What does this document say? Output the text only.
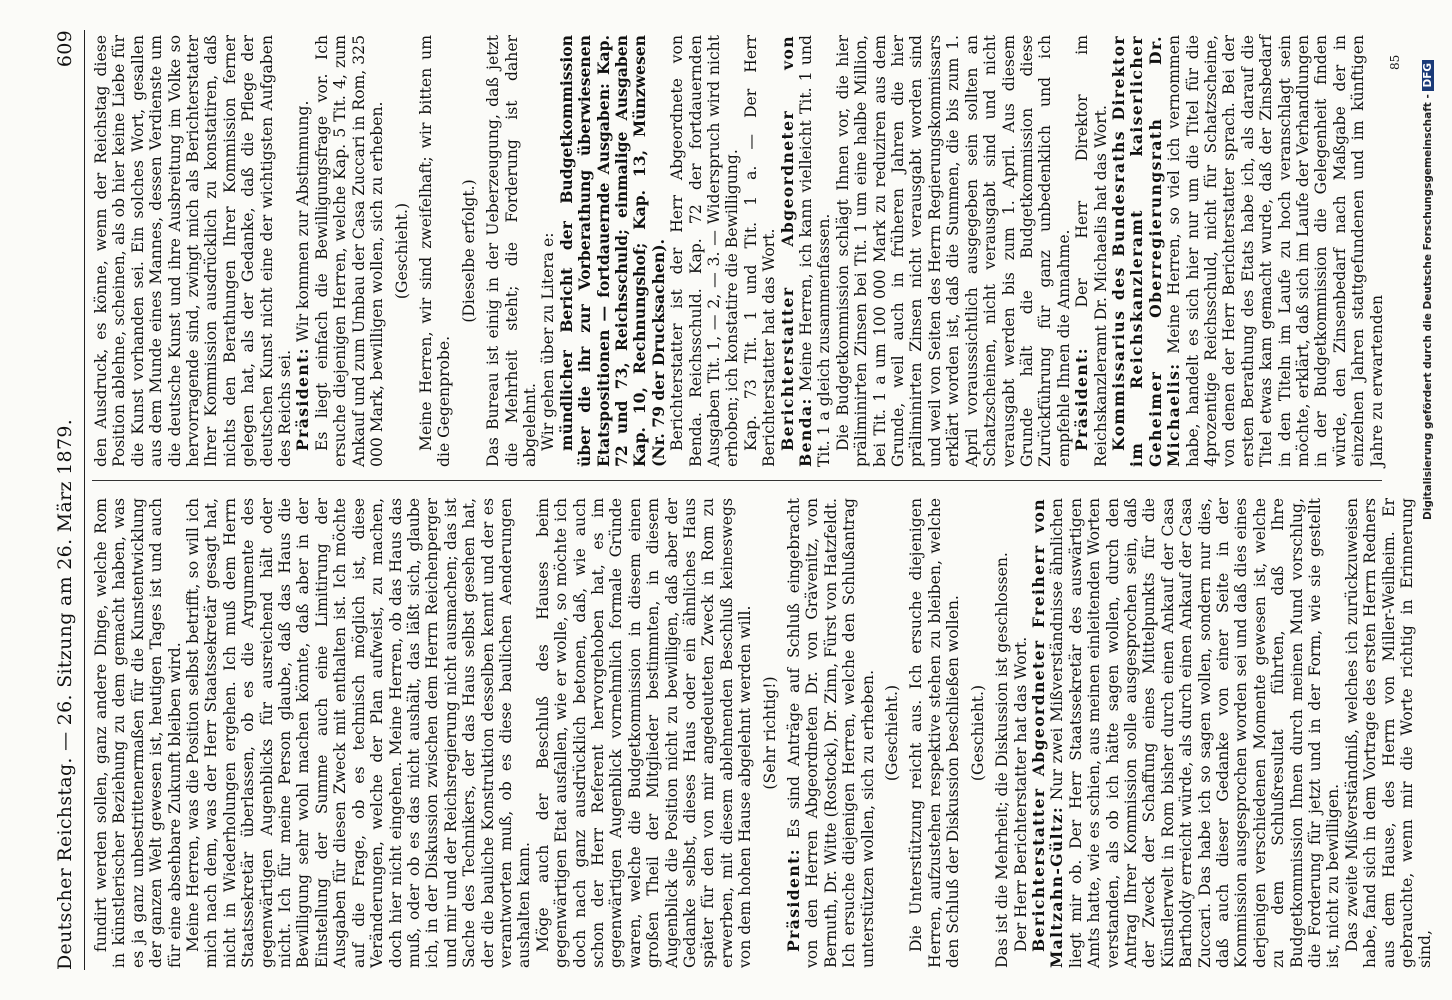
Deutscher Reichstag. — 26. Sitzung am 26. März 1879.
609

fundirt werden sollen, ganz andere Dinge, welche Rom in künstlerischer Beziehung zu dem gemacht haben, was es ja ganz unbestrittenermaßen für die Kunstentwicklung der ganzen Welt gewesen ist, heutigen Tages ist und auch für eine absehbare Zukunft bleiben wird. Meine Herren, was die Position selbst betrifft, so will ich mich nach dem, was der Herr Staatssekretär gesagt hat, nicht in Wiederholungen ergehen. Ich muß dem Herrn Staatssekretär überlassen, ob es die Argumente des gegenwärtigen Augenblicks für ausreichend hält oder nicht. Ich für meine Person glaube, daß das Haus die Bewilligung sehr wohl machen könnte, daß aber in der Einstellung der Summe auch eine Limitirung der Ausgaben für diesen Zweck mit enthalten ist. Ich möchte auf die Frage, ob es technisch möglich ist, diese Veränderungen, welche der Plan aufweist, zu machen, doch hier nicht eingehen. Meine Herren, ob das Haus das muß, oder ob es das nicht aushält, das läßt sich, glaube ich, in der Diskussion zwischen dem Herrn Reichenperger und mir und der Reichsregierung nicht ausmachen; das ist Sache des Technikers, der das Haus selbst gesehen hat, der die bauliche Konstruktion desselben kennt und der es verantworten muß, ob es diese baulichen Aenderungen aushalten kann. Möge auch der Beschluß des Hauses beim gegenwärtigen Etat ausfallen, wie er wolle, so möchte ich doch nach ganz ausdrücklich betonen, daß, wie auch schon der Herr Referent hervorgehoben hat, es im gegenwärtigen Augenblick vornehmlich formale Gründe waren, welche die Budgetkommission in diesem einen großen Theil der Mitglieder bestimmten, in diesem Augenblick die Position nicht zu bewilligen, daß aber der Gedanke selbst, dieses Haus oder ein ähnliches Haus später für den von mir angedeuteten Zweck in Rom zu erwerben, mit diesem ablehnenden Beschluß keineswegs von dem hohen Hause abgelehnt werden will. (Sehr richtig!)

Präsident: Es sind Anträge auf Schluß eingebracht von den Herren Abgeordneten Dr. von Grävenitz, von Bernuth, Dr. Witte (Rostock), Dr. Zinn, Fürst von Hatzfeldt. Ich ersuche diejenigen Herren, welche den Schlußantrag unterstützen wollen, sich zu erheben. (Geschieht.) Die Unterstützung reicht aus. Ich ersuche diejenigen Herren, aufzustehen respektive stehen zu bleiben, welche den Schluß der Diskussion beschließen wollen. (Geschieht.) Das ist die Mehrheit; die Diskussion ist geschlossen. Der Herr Berichterstatter hat das Wort. Berichterstatter Abgeordneter Freiherr von Maltzahn-Gültz: Nur zwei Mißverständnisse ähnlichen liegt mir ob. Der Herr Staatssekretär des auswärtigen Amts hatte, wie es schien, aus meinen einleitenden Worten verstanden, als ob ich hätte sagen wollen, durch den Antrag Ihrer Kommission solle ausgesprochen sein, daß der Zweck der Schaffung eines Mittelpunkts für die Künstlerwelt in Rom bisher durch einen Ankauf der Casa Bartholdy erreicht würde, als durch einen Ankauf der Casa Zuccari. Das habe ich so sagen wollen, sondern nur dies, daß auch dieser Gedanke von einer Seite in der Kommission ausgesprochen worden sei und daß dies eines derjenigen verschiedenen Momente gewesen ist, welche zu dem Schlußresultat führten, daß Ihre Budgetkommission Ihnen durch meinen Mund vorschlug, die Forderung für jetzt und in der Form, wie sie gestellt ist, nicht zu bewilligen. Das zweite Mißverständniß, welches ich zurückzuweisen habe, fand sich in dem Vortrage des ersten Herrn Redners aus dem Hause, des Herrn von Miller-Weilheim. Er gebrauchte, wenn mir die Worte richtig in Erinnerung sind,

den Ausdruck, es könne, wenn der Reichstag diese Position ablehne, scheinen, als ob hier keine Liebe für die Kunst vorhanden sei. Ein solches Wort, gesallen aus dem Munde eines Mannes, dessen Verdienste um die deutsche Kunst und ihre Ausbreitung im Volke so hervorragende sind, zwingt mich als Berichterstatter Ihrer Kommission ausdrücklich zu konstatiren, daß nichts den Berathungen Ihrer Kommission ferner gelegen hat, als der Gedanke, daß die Pflege der deutschen Kunst nicht eine der wichtigsten Aufgaben des Reichs sei. Präsident: Wir kommen zur Abstimmung. Es liegt einfach die Bewilligungsfrage vor. Ich ersuche diejenigen Herren, welche Kap. 5 Tit. 4, zum Ankauf und zum Umbau der Casa Zuccari in Rom, 325 000 Mark, bewilligen wollen, sich zu erheben. (Geschieht.) Meine Herren, wir sind zweifelhaft; wir bitten um die Gegenprobe.

(Dieselbe erfolgt.) Das Bureau ist einig in der Ueberzeugung, daß jetzt die Mehrheit steht; die Forderung ist daher abgelehnt. Wir gehen über zu Litera e: mündlicher Bericht der Budgetkommission über die ihr zur Vorberathung überwiesenen Etatspositionen — fortdauernde Ausgaben: Kap. 72 und 73, Reichsschuld; einmalige Ausgaben Kap. 10, Rechnungshof; Kap. 13, Münzwesen (Nr. 79 der Drucksachen). Berichterstatter ist der Herr Abgeordnete von Benda. Reichsschuld. Kap. 72 der fortdauernden Ausgaben Tit. 1, — 2, — 3. — Widerspruch wird nicht erhoben; ich konstatire die Bewilligung. Kap. 73 Tit. 1 und Tit. 1 a. — Der Herr Berichterstatter hat das Wort. Berichterstatter Abgeordneter von Benda: Meine Herren, ich kann vielleicht Tit. 1 und Tit. 1 a gleich zusammenfassen. Die Budgetkommission schlägt Ihnen vor, die hier präliminirten Zinsen bei Tit. 1 um eine halbe Million, bei Tit. 1 a um 100 000 Mark zu reduziren aus dem Grunde, weil auch in früheren Jahren die hier präliminirten Zinsen nicht verausgabt worden sind und weil von Seiten des Herrn Regierungskommissars erklärt worden ist, daß die Summen, die bis zum 1. April vorausssichtlich ausgegeben sein sollten an Schatzscheinen, nicht verausgabt sind und nicht verausgabt werden bis zum 1. April. Aus diesem Grunde hält die Budgetkommission diese Zurückführung für ganz unbedenklich und ich empfehle Ihnen die Annahme. Präsident: Der Herr Direktor im Reichskanzleramt Dr. Michaelis hat das Wort. Kommissarius des Bundesraths Direktor im Reichskanzleramt kaiserlicher Geheimer Oberregierungsrath Dr. Michaelis: Meine Herren, so viel ich vernommen habe, handelt es sich hier nur um die Titel für die 4prozentige Reichsschuld, nicht für Schatzscheine, von denen der Herr Berichterstatter sprach. Bei der ersten Berathung des Etats habe ich, als darauf die Titel etwas kam gemacht wurde, daß der Zinsbedarf in den Titeln im Laufe zu hoch veranschlagt sein möchte, erklärt, daß sich im Laufe der Verhandlungen in der Budgetkommission die Gelegenheit finden würde, den Zinsenbedarf nach Maßgabe der in einzelnen Jahren stattgefundenen und im künftigen Jahre zu erwartenden

85
Digitalisierung gefördert durch die Deutsche Forschungsgemeinschaft - DFG
